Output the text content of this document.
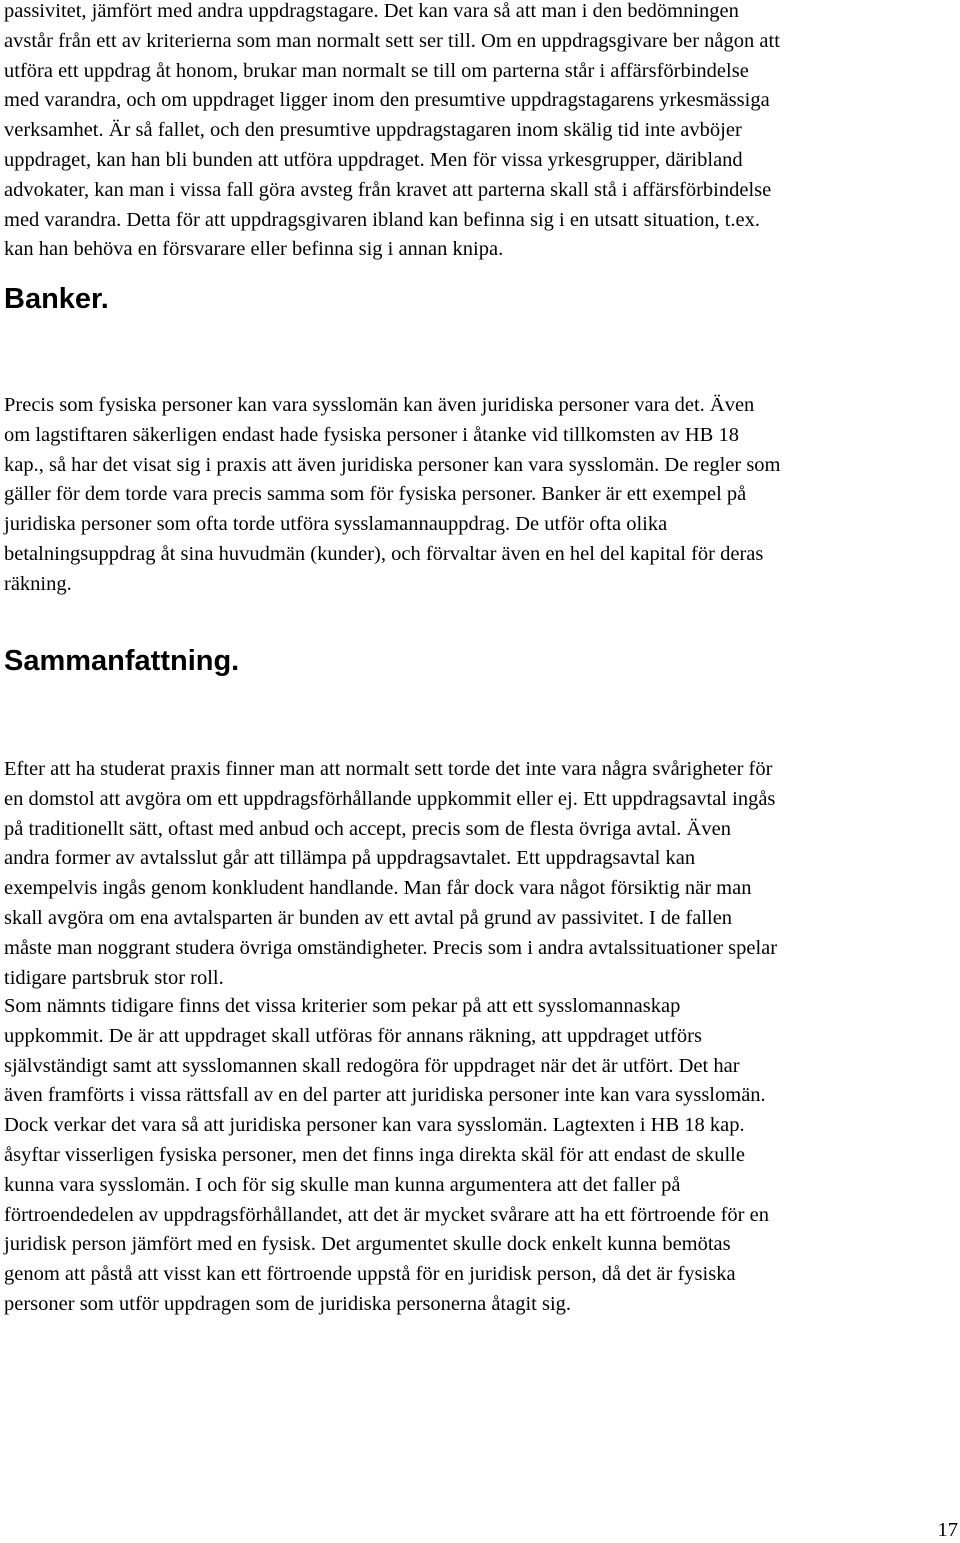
passivitet, jämfört med andra uppdragstagare. Det kan vara så att man i den bedömningen
avstår från ett av kriterierna som man normalt sett ser till. Om en uppdragsgivare ber någon att
utföra ett uppdrag åt honom, brukar man normalt se till om parterna står i affärsförbindelse
med varandra, och om uppdraget ligger inom den presumtive uppdragstagarens yrkesmässiga
verksamhet. Är så fallet, och den presumtive uppdragstagaren inom skälig tid inte avböjer
uppdraget, kan han bli bunden att utföra uppdraget. Men för vissa yrkesgrupper, däribland
advokater, kan man i vissa fall göra avsteg från kravet att parterna skall stå i affärsförbindelse
med varandra. Detta för att uppdragsgivaren ibland kan befinna sig i en utsatt situation, t.ex.
kan han behöva en försvarare eller befinna sig i annan knipa.

Banker.

Precis som fysiska personer kan vara sysslomän kan även juridiska personer vara det. Även
om lagstiftaren säkerligen endast hade fysiska personer i åtanke vid tillkomsten av HB 18
kap., så har det visat sig i praxis att även juridiska personer kan vara sysslomän. De regler som
gäller för dem torde vara precis samma som för fysiska personer. Banker är ett exempel på
juridiska personer som ofta torde utföra sysslamannauppdrag. De utför ofta olika
betalningsuppdrag åt sina huvudmän (kunder), och förvaltar även en hel del kapital för deras
räkning.

Sammanfattning.

Efter att ha studerat praxis finner man att normalt sett torde det inte vara några svårigheter för
en domstol att avgöra om ett uppdragsförhållande uppkommit eller ej. Ett uppdragsavtal ingås
på traditionellt sätt, oftast med anbud och accept, precis som de flesta övriga avtal. Även
andra former av avtalsslut går att tillämpa på uppdragsavtalet. Ett uppdragsavtal kan
exempelvis ingås genom konkludent handlande. Man får dock vara något försiktig när man
skall avgöra om ena avtalsparten är bunden av ett avtal på grund av passivitet. I de fallen
måste man noggrant studera övriga omständigheter. Precis som i andra avtalssituationer spelar
tidigare partsbruk stor roll.

Som nämnts tidigare finns det vissa kriterier som pekar på att ett sysslomannaskap
uppkommit. De är att uppdraget skall utföras för annans räkning, att uppdraget utförs
självständigt samt att sysslomannen skall redogöra för uppdraget när det är utfört. Det har
även framförts i vissa rättsfall av en del parter att juridiska personer inte kan vara sysslomän.
Dock verkar det vara så att juridiska personer kan vara sysslomän. Lagtexten i HB 18 kap.
åsyftar visserligen fysiska personer, men det finns inga direkta skäl för att endast de skulle
kunna vara sysslomän. I och för sig skulle man kunna argumentera att det faller på
förtroendedelen av uppdragsförhållandet, att det är mycket svårare att ha ett förtroende för en
juridisk person jämfört med en fysisk. Det argumentet skulle dock enkelt kunna bemötas
genom att påstå att visst kan ett förtroende uppstå för en juridisk person, då det är fysiska
personer som utför uppdragen som de juridiska personerna åtagit sig.

17
